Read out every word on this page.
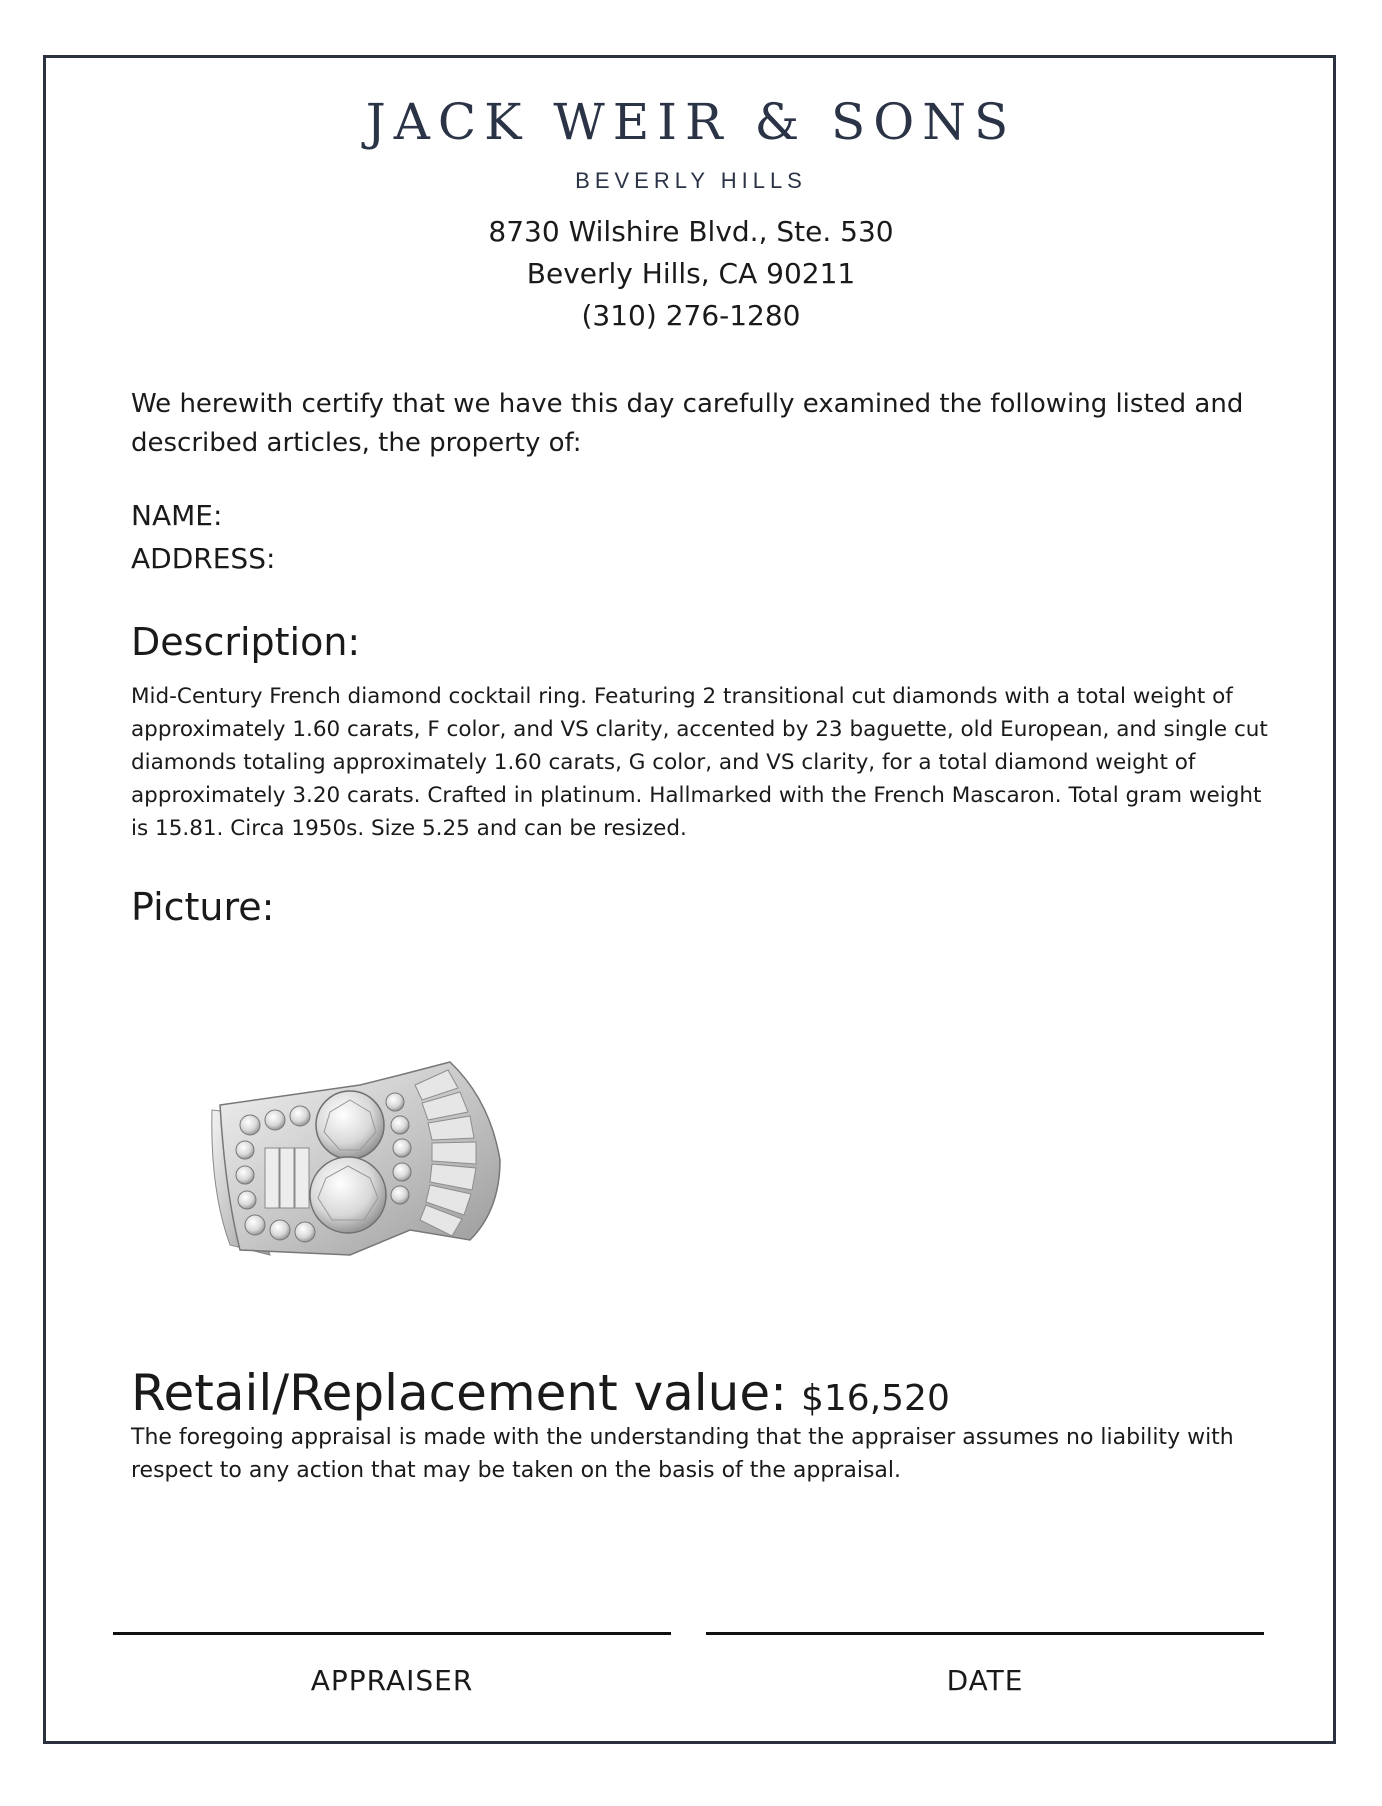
JACK WEIR & SONS
BEVERLY HILLS
8730 Wilshire Blvd., Ste. 530
Beverly Hills, CA 90211
(310) 276-1280
We herewith certify that we have this day carefully examined the following listed and described articles, the property of:
NAME:
ADDRESS:
Description:
Mid-Century French diamond cocktail ring. Featuring 2 transitional cut diamonds with a total weight of approximately 1.60 carats, F color, and VS clarity, accented by 23 baguette, old European, and single cut diamonds totaling approximately 1.60 carats, G color, and VS clarity, for a total diamond weight of approximately 3.20 carats. Crafted in platinum. Hallmarked with the French Mascaron. Total gram weight is 15.81. Circa 1950s. Size 5.25 and can be resized.
Picture:
Retail/Replacement value: $16,520
The foregoing appraisal is made with the understanding that the appraiser assumes no liability with respect to any action that may be taken on the basis of the appraisal.
APPRAISER	DATE
